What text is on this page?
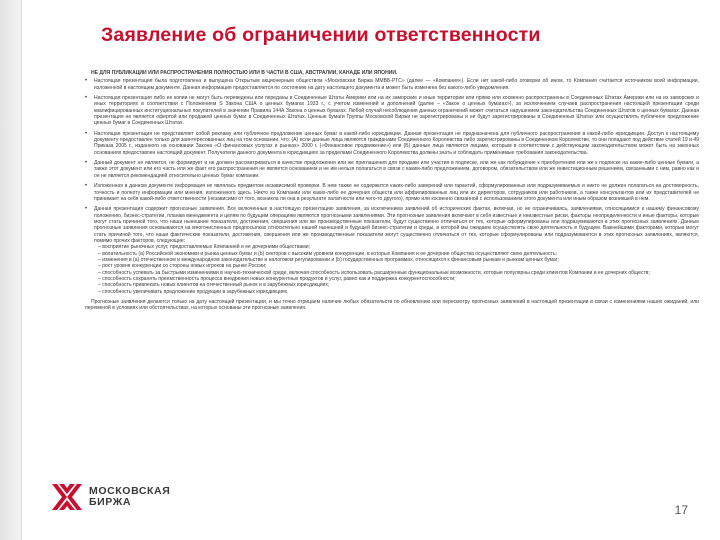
Заявление об ограничении ответственности

НЕ ДЛЯ ПУБЛИКАЦИИ ИЛИ РАСПРОСТРАНЕНИЯ ПОЛНОСТЬЮ ИЛИ В ЧАСТИ В США, АВСТРАЛИИ, КАНАДЕ ИЛИ ЯПОНИИ.

• Настоящая презентация была подготовлена и выпущена Открытым акционерным обществом «Московская Биржа ММВБ-РТС» (далее — «Компания»). Если нет какой-либо оговорки об ином, то Компания считается источником всей информации, изложенной в настоящем документе. Данная информация предоставляется по состоянию на дату настоящего документа и может быть изменена без какого-либо уведомления.
• Настоящая презентация либо ее копии не могут быть переведены или переданы в Соединенные Штаты Америки или на их заморские и иные территории или прямо или косвенно распространены в Соединенных Штатах Америки или на их заморских и иных территориях в соответствии с Положением S Закона США о ценных бумагах 1933 г., с учетом изменений и дополнений (далее – «Закон о ценных бумагах»), за исключением случаев распространения настоящей презентации среди квалифицированных институциональных покупателей в значении Правила 144А Закона о ценных бумагах. Любой случай несоблюдения данных ограничений может считаться нарушением законодательства Соединенных Штатов о ценных бумагах. Данная презентация не является офертой или продажей ценных бумаг в Соединенных Штатах. Ценные бумаги Группы Московской Биржи не зарегистрированы и не будут зарегистрированы в Соединенных Штатах или осуществлять публичное предложение ценных бумаг в Соединенных Штатах.
• Настоящая презентация не представляет собой рекламу или публичное предложение ценных бумаг в какой-либо юрисдикции. Данная презентация не предназначена для публичного распространения в какой-либо юрисдикции. Доступ к настоящему документу предоставлен только для заинтересованных лиц на том основании, что: (А) если данные лица являются гражданами Соединенного Королевства либо зарегистрированы в Соединенном Королевстве, то они попадают под действие статей 19 и 49 Приказа 2005 г., изданного на основании Закона «О финансовых услугах и рынках» 2000 г. («Финансовое продвижение») или (Б) данные лица являются лицами, которым в соответствии с действующим законодательством может быть на законных основаниях предоставлен настоящий документ. Получатели данного документа в юрисдикциях за пределами Соединенного Королевства должны знать и соблюдать применимые требования законодательства.
• Данный документ не является, не формирует и не должен рассматриваться в качестве предложения или же приглашения для продажи или участия в подписке, или же как побуждение к приобретению или же к подписке на какие-либо ценные бумаги, а также этот документ или его часть или же факт его распространения не является основанием и не им нельзя полагаться в связи с каким-либо предложением, договором, обязательством или же инвестиционным решением, связанными с ним, равно как и он не является рекомендацией относительно ценных бумаг компании.
• Изложенная в данном документе информация не являлась предметом независимой проверки. В нем также не содержится каких-либо заверений или гарантий, сформулированных или подразумеваемых и никто не должен полагаться на достоверность, точность и полноту информации или мнения, изложенного здесь. Никто из Компании или каких-либо ее дочерних обществ или аффилированных лиц или их директоров, сотрудников или работников, а также консультантов или их представителей не принимает на себя какой-либо ответственности (независимо от того, возникла ли она в результате халатности или чего-то другого), прямо или косвенно связанной с использованием этого документа или иным образом возникшей в нем.
• Данная презентация содержит прогнозные заявления. Все включенные в настоящую презентацию заявления, за исключением заявлений об исторических фактах, включая, но не ограничиваясь, заявлениями, относящимися к нашему финансовому положению, бизнес-стратегии, планам менеджмента и целям по будущим операциям являются прогнозными заявлениями. Эти прогнозные заявления включают в себя известные и неизвестные риски, факторы неопределенности и иные факторы, которые могут стать причиной того, что наши нынешние показатели, достижения, свершения или же производственные показатели, будут существенно отличаться от тех, которые сформулированы или подразумеваются в этих прогнозных заявлениях. Данные прогнозные заявления основываются на многочисленных предпосылках относительно нашей нынешней и будущей бизнес-стратегии и среды, в которой мы ожидаем осуществлять свою деятельность в будущем. Важнейшими факторами, которые могут стать причиной того, что наши фактические показатели, достижения, свершения или же производственные показатели могут существенно отличаться от тех, которые сформулированы или подразумеваются в этих прогнозных заявлениях, являются, помимо прочих факторов, следующие:
– восприятие рыночных услуг, предоставляемых Компанией и ее дочерними обществами;
– волатильность (а) Российской экономики и рынка ценных бумаг и (b) секторов с высоким уровнем конкуренции, в которых Компания и ее дочерние общества осуществляют свою деятельность;
– изменения в (а) отечественном и международном законодательстве и налоговом регулировании и (b) государственных программах, относящихся к финансовым рынкам и рынкам ценных бумаг;
– рост уровня конкуренции со стороны новых игроков на рынке России;
– способность успевать за быстрыми изменениями в научно-технической среде, включая способность использовать расширенные функциональные возможности, которые популярны среди клиентов Компании и ее дочерних обществ;
– способность сохранять преемственность процесса внедрения новых конкурентных продуктов и услуг, равно как и поддержка конкурентоспособности;
– способность привлекать новых клиентов на отечественный рынок и в зарубежных юрисдикциях;
– способность увеличивать предложение продукции в зарубежных юрисдикциях.

Прогнозные заявления делаются только на дату настоящей презентации, и мы точно отрицаем наличие любых обязательств по обновлению или пересмотру прогнозных заявлений в настоящей презентации в связи с изменениями наших ожиданий, или переменой в условиях или обстоятельствах, на которых основаны эти прогнозные заявления.

МОСКОВСКАЯ
БИРЖА
17
